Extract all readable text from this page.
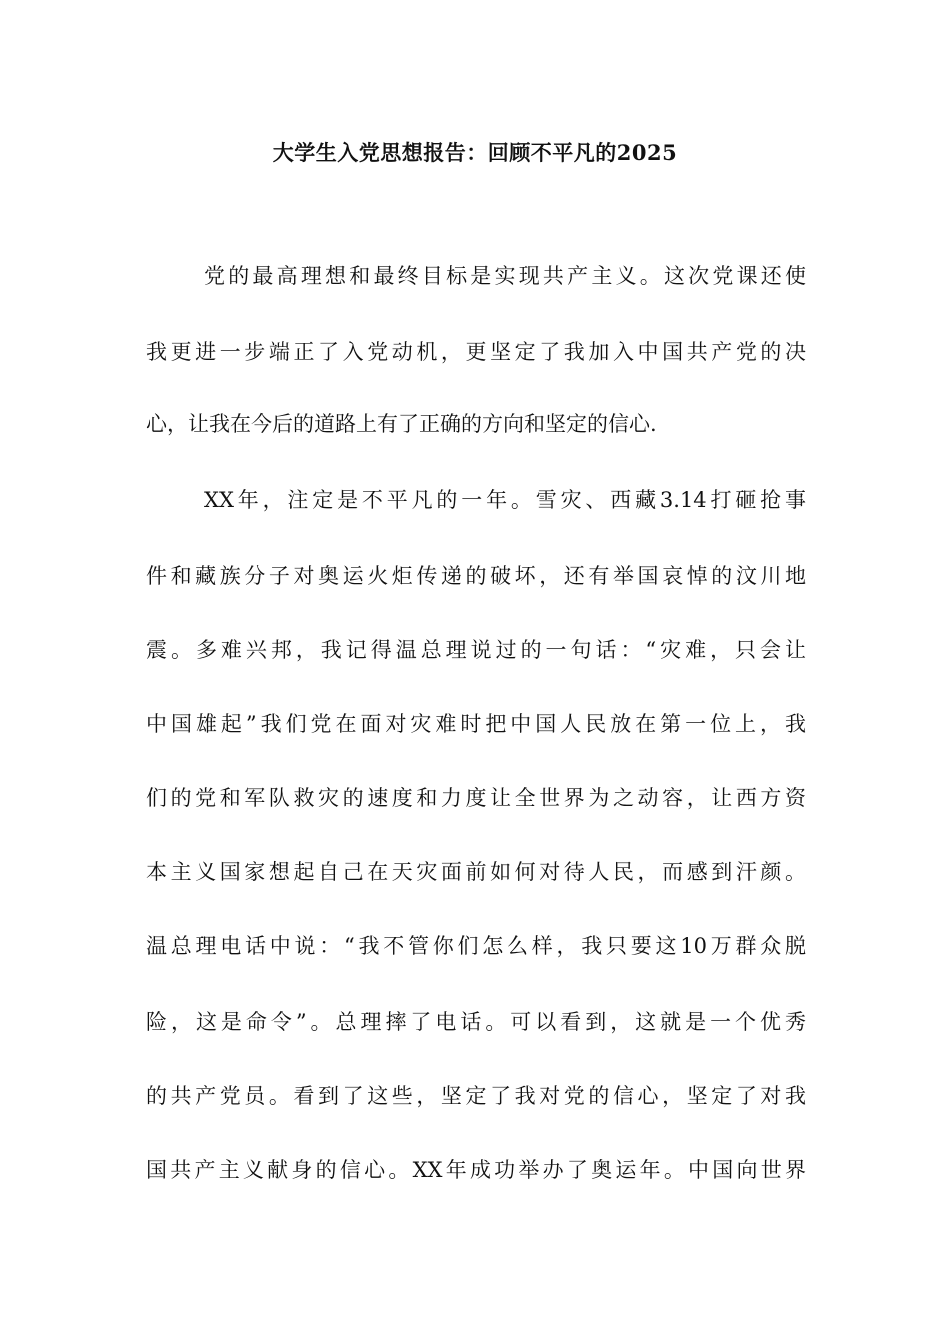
大学生入党思想报告：回顾不平凡的2025
党的最高理想和最终目标是实现共产主义。这次党课还使
我更进一步端正了入党动机，更坚定了我加入中国共产党的决
心，让我在今后的道路上有了正确的方向和坚定的信心.
XX年，注定是不平凡的一年。雪灾、西藏3.14打砸抢事
件和藏族分子对奥运火炬传递的破坏，还有举国哀悼的汶川地
震。多难兴邦，我记得温总理说过的一句话：“灾难，只会让
中国雄起”我们党在面对灾难时把中国人民放在第一位上，我
们的党和军队救灾的速度和力度让全世界为之动容，让西方资
本主义国家想起自己在天灾面前如何对待人民，而感到汗颜。
温总理电话中说：“我不管你们怎么样，我只要这10万群众脱
险，这是命令”。总理摔了电话。可以看到，这就是一个优秀
的共产党员。看到了这些，坚定了我对党的信心，坚定了对我
国共产主义献身的信心。XX年成功举办了奥运年。中国向世界
